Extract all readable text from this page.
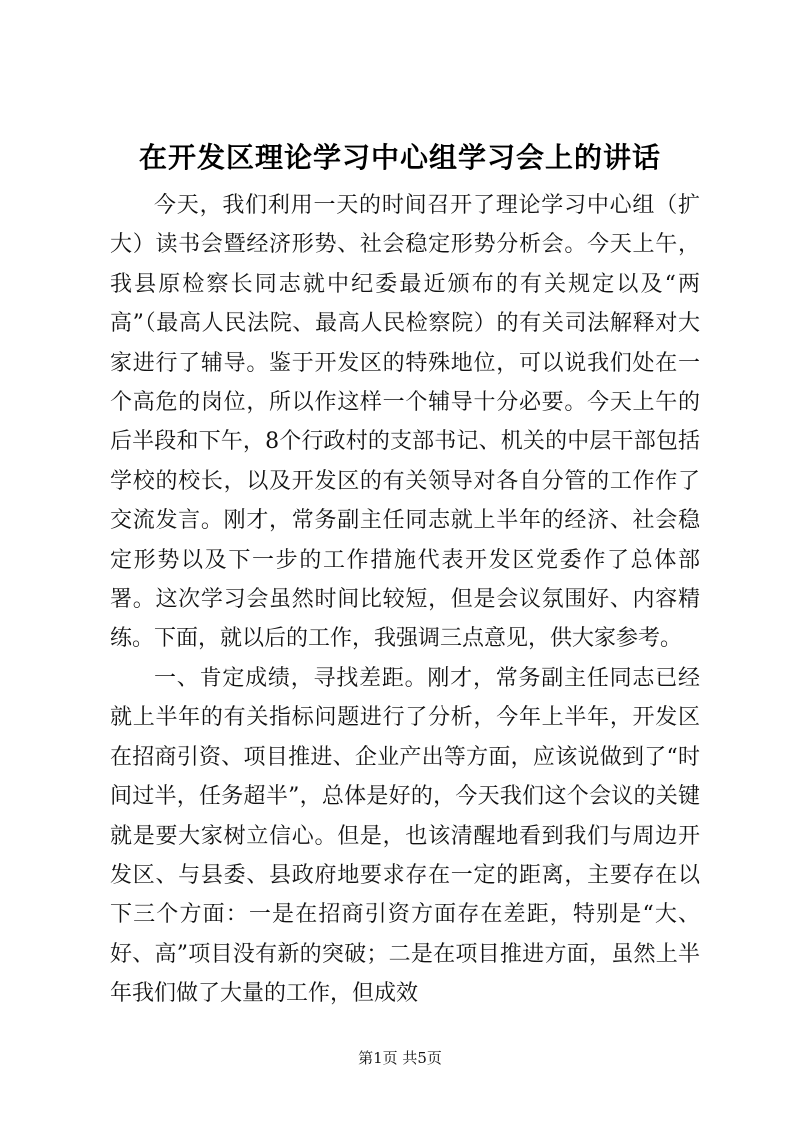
在开发区理论学习中心组学习会上的讲话

今天，我们利用一天的时间召开了理论学习中心组（扩大）读书会暨经济形势、社会稳定形势分析会。今天上午，我县原检察长同志就中纪委最近颁布的有关规定以及“两高”（最高人民法院、最高人民检察院）的有关司法解释对大家进行了辅导。鉴于开发区的特殊地位，可以说我们处在一个高危的岗位，所以作这样一个辅导十分必要。今天上午的后半段和下午，8个行政村的支部书记、机关的中层干部包括学校的校长，以及开发区的有关领导对各自分管的工作作了交流发言。刚才，常务副主任同志就上半年的经济、社会稳定形势以及下一步的工作措施代表开发区党委作了总体部署。这次学习会虽然时间比较短，但是会议氛围好、内容精练。下面，就以后的工作，我强调三点意见，供大家参考。

一、肯定成绩，寻找差距。刚才，常务副主任同志已经就上半年的有关指标问题进行了分析，今年上半年，开发区在招商引资、项目推进、企业产出等方面，应该说做到了“时间过半，任务超半”，总体是好的，今天我们这个会议的关键就是要大家树立信心。但是，也该清醒地看到我们与周边开发区、与县委、县政府地要求存在一定的距离，主要存在以下三个方面：一是在招商引资方面存在差距，特别是“大、好、高”项目没有新的突破；二是在项目推进方面，虽然上半年我们做了大量的工作，但成效

第1页 共5页
